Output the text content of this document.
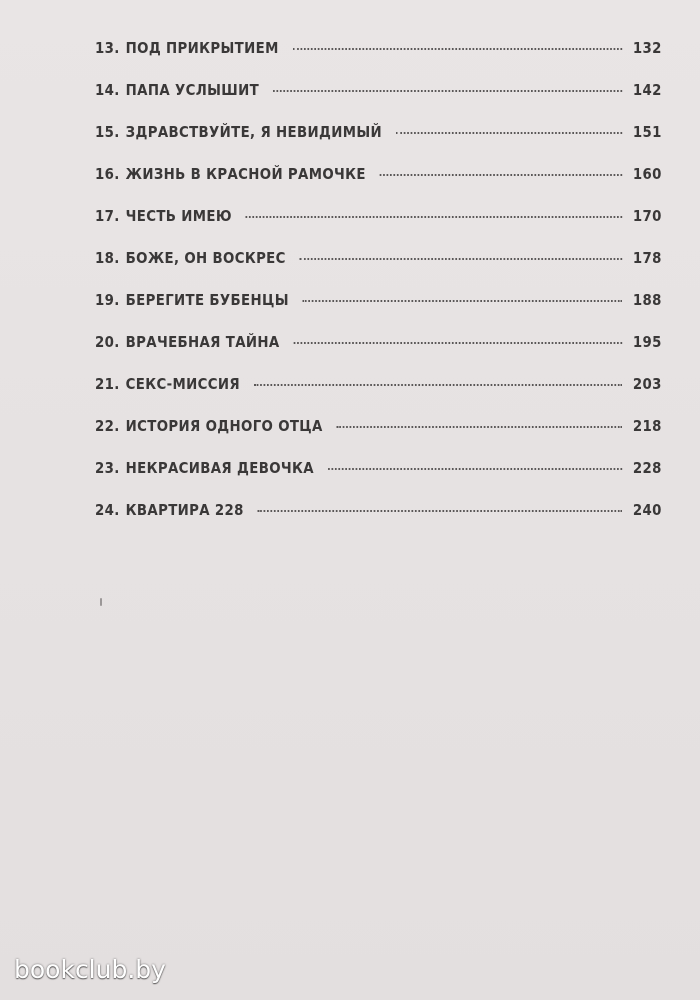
13. ПОД ПРИКРЫТИЕМ	132
14. ПАПА УСЛЫШИТ	142
15. ЗДРАВСТВУЙТЕ, Я НЕВИДИМЫЙ	151
16. ЖИЗНЬ В КРАСНОЙ РАМОЧКЕ	160
17. ЧЕСТЬ ИМЕЮ	170
18. БОЖЕ, ОН ВОСКРЕС	178
19. БЕРЕГИТЕ БУБЕНЦЫ	188
20. ВРАЧЕБНАЯ ТАЙНА	195
21. СЕКС-МИССИЯ	203
22. ИСТОРИЯ ОДНОГО ОТЦА	218
23. НЕКРАСИВАЯ ДЕВОЧКА	228
24. КВАРТИРА 228	240
bookclub.by
